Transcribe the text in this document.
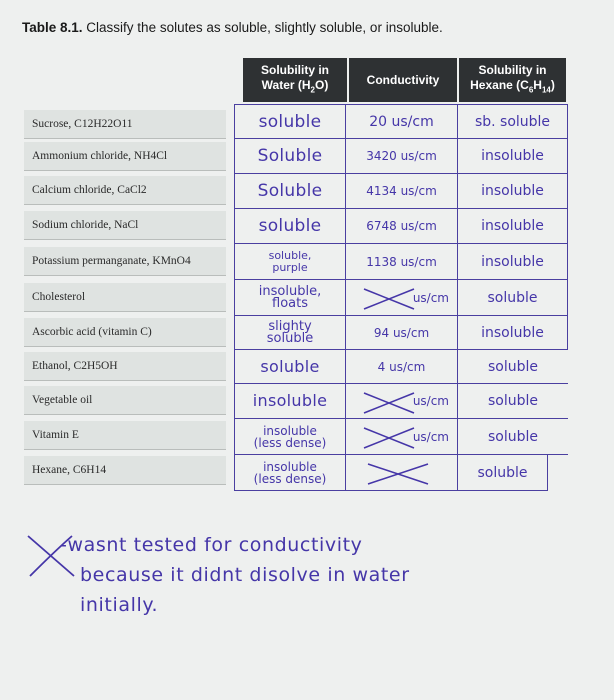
Table 8.1. Classify the solutes as soluble, slightly soluble, or insoluble.
Solubility in
Water $(H_2O)$	Conductivity
Solubility in
Hexane $(C_6H_{14})$
Sucrose, C12H22O11
Ammonium chloride, NH4Cl
Calcium chloride, CaCl2
Sodium chloride, NaCl
Potassium permanganate, KMnO4
Cholesterol
Ascorbic acid (vitamin C)
Ethanol, C2H5OH
Vegetable oil
Vitamin E
Hexane, C6H14
soluble
Soluble
Soluble
soluble
soluble,
purple
insoluble,
floats
slighty
soluble
soluble
insoluble
insoluble
(less dense)
insoluble
(less dense)
20 us/cm
3420 us/cm
4134 us/cm
6748 us/cm
1138 us/cm
us/cm
94 us/cm
4 us/cm
us/cm
us/cm
sb. soluble
insoluble
insoluble
insoluble
insoluble
soluble
insoluble
soluble
soluble
soluble
soluble
-wasnt tested for conductivity
because it didnt disolve in water
initially.
